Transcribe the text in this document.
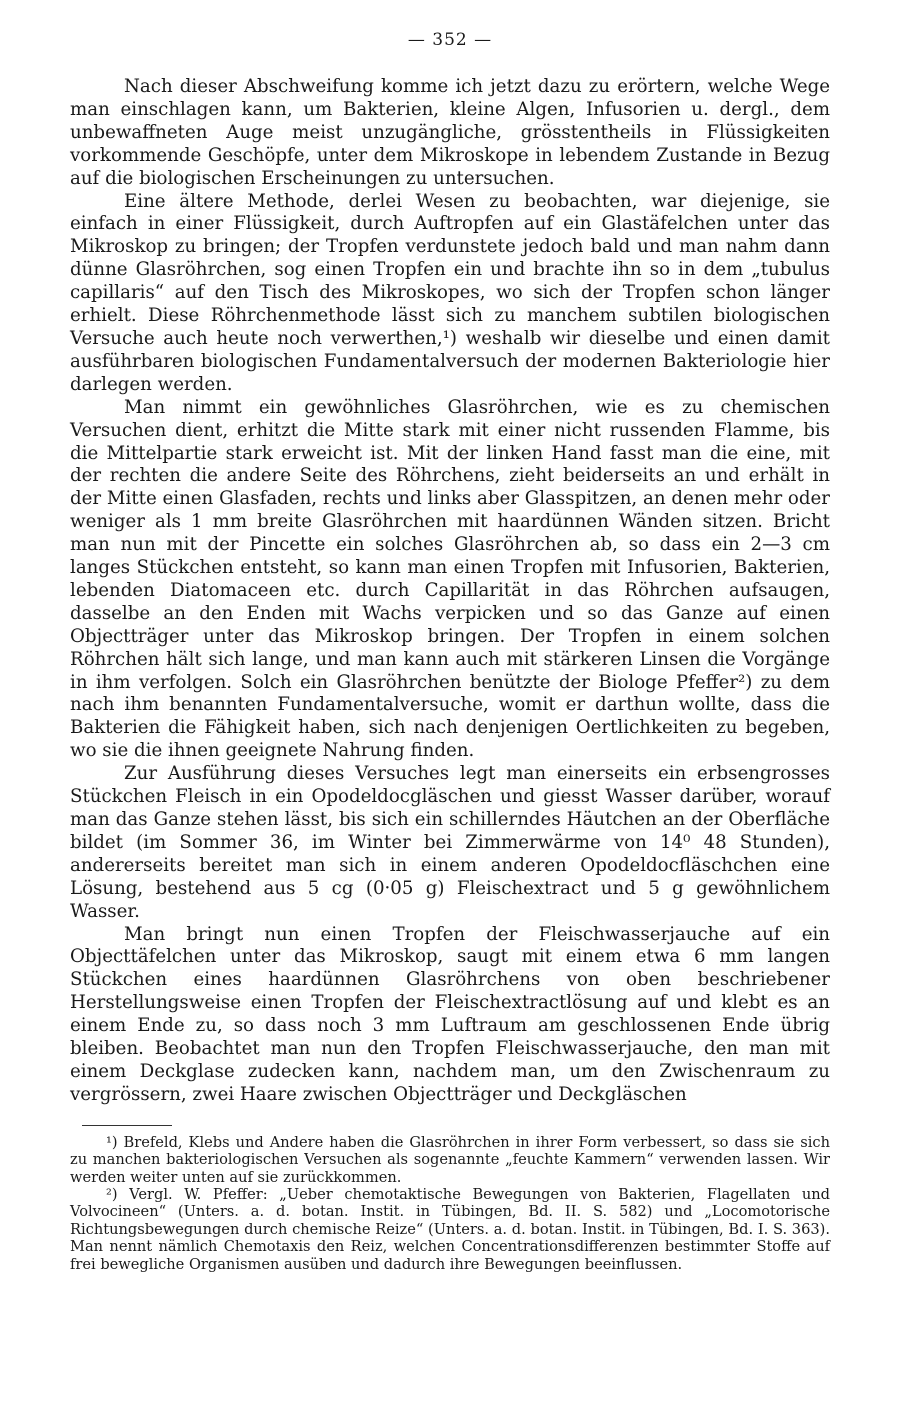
— 352 —

Nach dieser Abschweifung komme ich jetzt dazu zu erörtern, welche Wege man einschlagen kann, um Bakterien, kleine Algen, Infusorien u. dergl., dem unbewaffneten Auge meist unzugängliche, grösstentheils in Flüssigkeiten vorkommende Geschöpfe, unter dem Mikroskope in lebendem Zustande in Bezug auf die biologischen Erscheinungen zu untersuchen.

Eine ältere Methode, derlei Wesen zu beobachten, war diejenige, sie einfach in einer Flüssigkeit, durch Auftropfen auf ein Glastäfelchen unter das Mikroskop zu bringen; der Tropfen verdunstete jedoch bald und man nahm dann dünne Glasröhrchen, sog einen Tropfen ein und brachte ihn so in dem „tubulus capillaris“ auf den Tisch des Mikroskopes, wo sich der Tropfen schon länger erhielt. Diese Röhrchenmethode lässt sich zu manchem subtilen biologischen Versuche auch heute noch verwerthen,¹) weshalb wir dieselbe und einen damit ausführbaren biologischen Fundamentalversuch der modernen Bakteriologie hier darlegen werden.

Man nimmt ein gewöhnliches Glasröhrchen, wie es zu chemischen Versuchen dient, erhitzt die Mitte stark mit einer nicht russenden Flamme, bis die Mittelpartie stark erweicht ist. Mit der linken Hand fasst man die eine, mit der rechten die andere Seite des Röhrchens, zieht beiderseits an und erhält in der Mitte einen Glasfaden, rechts und links aber Glasspitzen, an denen mehr oder weniger als 1 mm breite Glasröhrchen mit haardünnen Wänden sitzen. Bricht man nun mit der Pincette ein solches Glasröhrchen ab, so dass ein 2—3 cm langes Stückchen entsteht, so kann man einen Tropfen mit Infusorien, Bakterien, lebenden Diatomaceen etc. durch Capillarität in das Röhrchen aufsaugen, dasselbe an den Enden mit Wachs verpicken und so das Ganze auf einen Objectträger unter das Mikroskop bringen. Der Tropfen in einem solchen Röhrchen hält sich lange, und man kann auch mit stärkeren Linsen die Vorgänge in ihm verfolgen. Solch ein Glasröhrchen benützte der Biologe Pfeffer²) zu dem nach ihm benannten Fundamentalversuche, womit er darthun wollte, dass die Bakterien die Fähigkeit haben, sich nach denjenigen Oertlichkeiten zu begeben, wo sie die ihnen geeignete Nahrung finden.

Zur Ausführung dieses Versuches legt man einerseits ein erbsengrosses Stückchen Fleisch in ein Opodeldocgläschen und giesst Wasser darüber, worauf man das Ganze stehen lässt, bis sich ein schillerndes Häutchen an der Oberfläche bildet (im Sommer 36, im Winter bei Zimmerwärme von 14⁰ 48 Stunden), andererseits bereitet man sich in einem anderen Opodeldocfläschchen eine Lösung, bestehend aus 5 cg (0·05 g) Fleischextract und 5 g gewöhnlichem Wasser.

Man bringt nun einen Tropfen der Fleischwasserjauche auf ein Objecttäfelchen unter das Mikroskop, saugt mit einem etwa 6 mm langen Stückchen eines haardünnen Glasröhrchens von oben beschriebener Herstellungsweise einen Tropfen der Fleischextractlösung auf und klebt es an einem Ende zu, so dass noch 3 mm Luftraum am geschlossenen Ende übrig bleiben. Beobachtet man nun den Tropfen Fleischwasserjauche, den man mit einem Deckglase zudecken kann, nachdem man, um den Zwischenraum zu vergrössern, zwei Haare zwischen Objectträger und Deckgläschen

¹) Brefeld, Klebs und Andere haben die Glasröhrchen in ihrer Form verbessert, so dass sie sich zu manchen bakteriologischen Versuchen als sogenannte „feuchte Kammern“ verwenden lassen. Wir werden weiter unten auf sie zurückkommen.

²) Vergl. W. Pfeffer: „Ueber chemotaktische Bewegungen von Bakterien, Flagellaten und Volvocineen“ (Unters. a. d. botan. Instit. in Tübingen, Bd. II. S. 582) und „Locomotorische Richtungsbewegungen durch chemische Reize“ (Unters. a. d. botan. Instit. in Tübingen, Bd. I. S. 363). Man nennt nämlich Chemotaxis den Reiz, welchen Concentrationsdifferenzen bestimmter Stoffe auf frei bewegliche Organismen ausüben und dadurch ihre Bewegungen beeinflussen.
